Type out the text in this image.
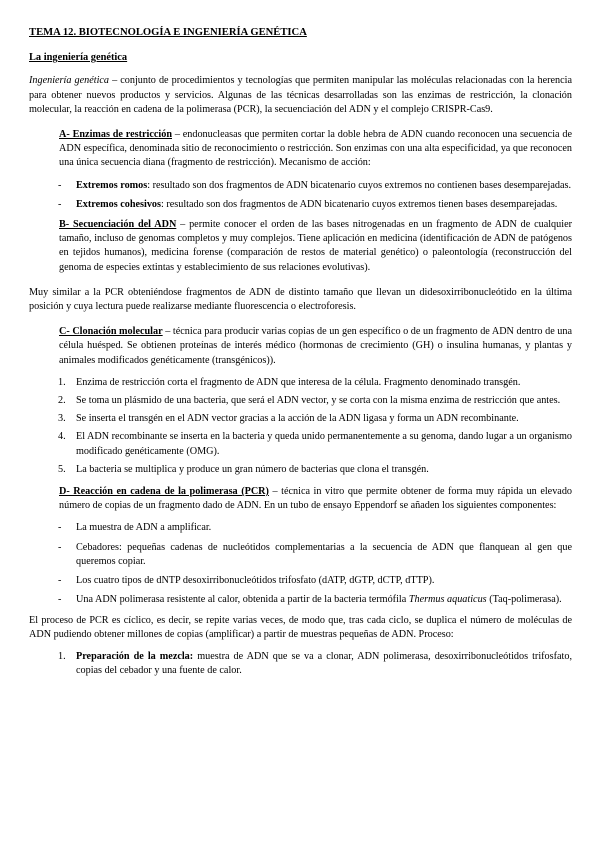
TEMA 12. BIOTECNOLOGÍA E INGENIERÍA GENÉTICA
La ingeniería genética

Ingeniería genética – conjunto de procedimientos y tecnologías que permiten manipular las moléculas relacionadas con la herencia para obtener nuevos productos y servicios. Algunas de las técnicas desarrolladas son las enzimas de restricción, la clonación molecular, la reacción en cadena de la polimerasa (PCR), la secuenciación del ADN y el complejo CRISPR-Cas9.

A- Enzimas de restricción – endonucleasas que permiten cortar la doble hebra de ADN cuando reconocen una secuencia de ADN específica, denominada sitio de reconocimiento o restricción. Son enzimas con una alta especificidad, ya que reconocen una única secuencia diana (fragmento de restricción). Mecanismo de acción:

- Extremos romos: resultado son dos fragmentos de ADN bicatenario cuyos extremos no contienen bases desemparejadas.
- Extremos cohesivos: resultado son dos fragmentos de ADN bicatenario cuyos extremos tienen bases desemparejadas.

B- Secuenciación del ADN – permite conocer el orden de las bases nitrogenadas en un fragmento de ADN de cualquier tamaño, incluso de genomas completos y muy complejos. Tiene aplicación en medicina (identificación de ADN de patógenos en tejidos humanos), medicina forense (comparación de restos de material genético) o paleontología (reconstrucción del genoma de especies extintas y establecimiento de sus relaciones evolutivas).

Muy similar a la PCR obteniéndose fragmentos de ADN de distinto tamaño que llevan un didesoxirribonucleótido en la última posición y cuya lectura puede realizarse mediante fluorescencia o electroforesis.

C- Clonación molecular – técnica para producir varias copias de un gen específico o de un fragmento de ADN dentro de una célula huésped. Se obtienen proteínas de interés médico (hormonas de crecimiento (GH) o insulina humanas, y plantas y animales modificados genéticamente (transgénicos)).

1. Enzima de restricción corta el fragmento de ADN que interesa de la célula. Fragmento denominado transgén.
2. Se toma un plásmido de una bacteria, que será el ADN vector, y se corta con la misma enzima de restricción que antes.
3. Se inserta el transgén en el ADN vector gracias a la acción de la ADN ligasa y forma un ADN recombinante.
4. El ADN recombinante se inserta en la bacteria y queda unido permanentemente a su genoma, dando lugar a un organismo modificado genéticamente (OMG).
5. La bacteria se multiplica y produce un gran número de bacterias que clona el transgén.

D- Reacción en cadena de la polimerasa (PCR) – técnica in vitro que permite obtener de forma muy rápida un elevado número de copias de un fragmento dado de ADN. En un tubo de ensayo Eppendorf se añaden los siguientes componentes:

- La muestra de ADN a amplificar.
- Cebadores: pequeñas cadenas de nucleótidos complementarias a la secuencia de ADN que flanquean al gen que queremos copiar.
- Los cuatro tipos de dNTP desoxirribonucleótidos trifosfato (dATP, dGTP, dCTP, dTTP).
- Una ADN polimerasa resistente al calor, obtenida a partir de la bacteria termófila Thermus aquaticus (Taq-polimerasa).

El proceso de PCR es cíclico, es decir, se repite varias veces, de modo que, tras cada ciclo, se duplica el número de moléculas de ADN pudiendo obtener millones de copias (amplificar) a partir de muestras pequeñas de ADN. Proceso:

1. Preparación de la mezcla: muestra de ADN que se va a clonar, ADN polimerasa, desoxirribonucleótidos trifosfato, copias del cebador y una fuente de calor.
